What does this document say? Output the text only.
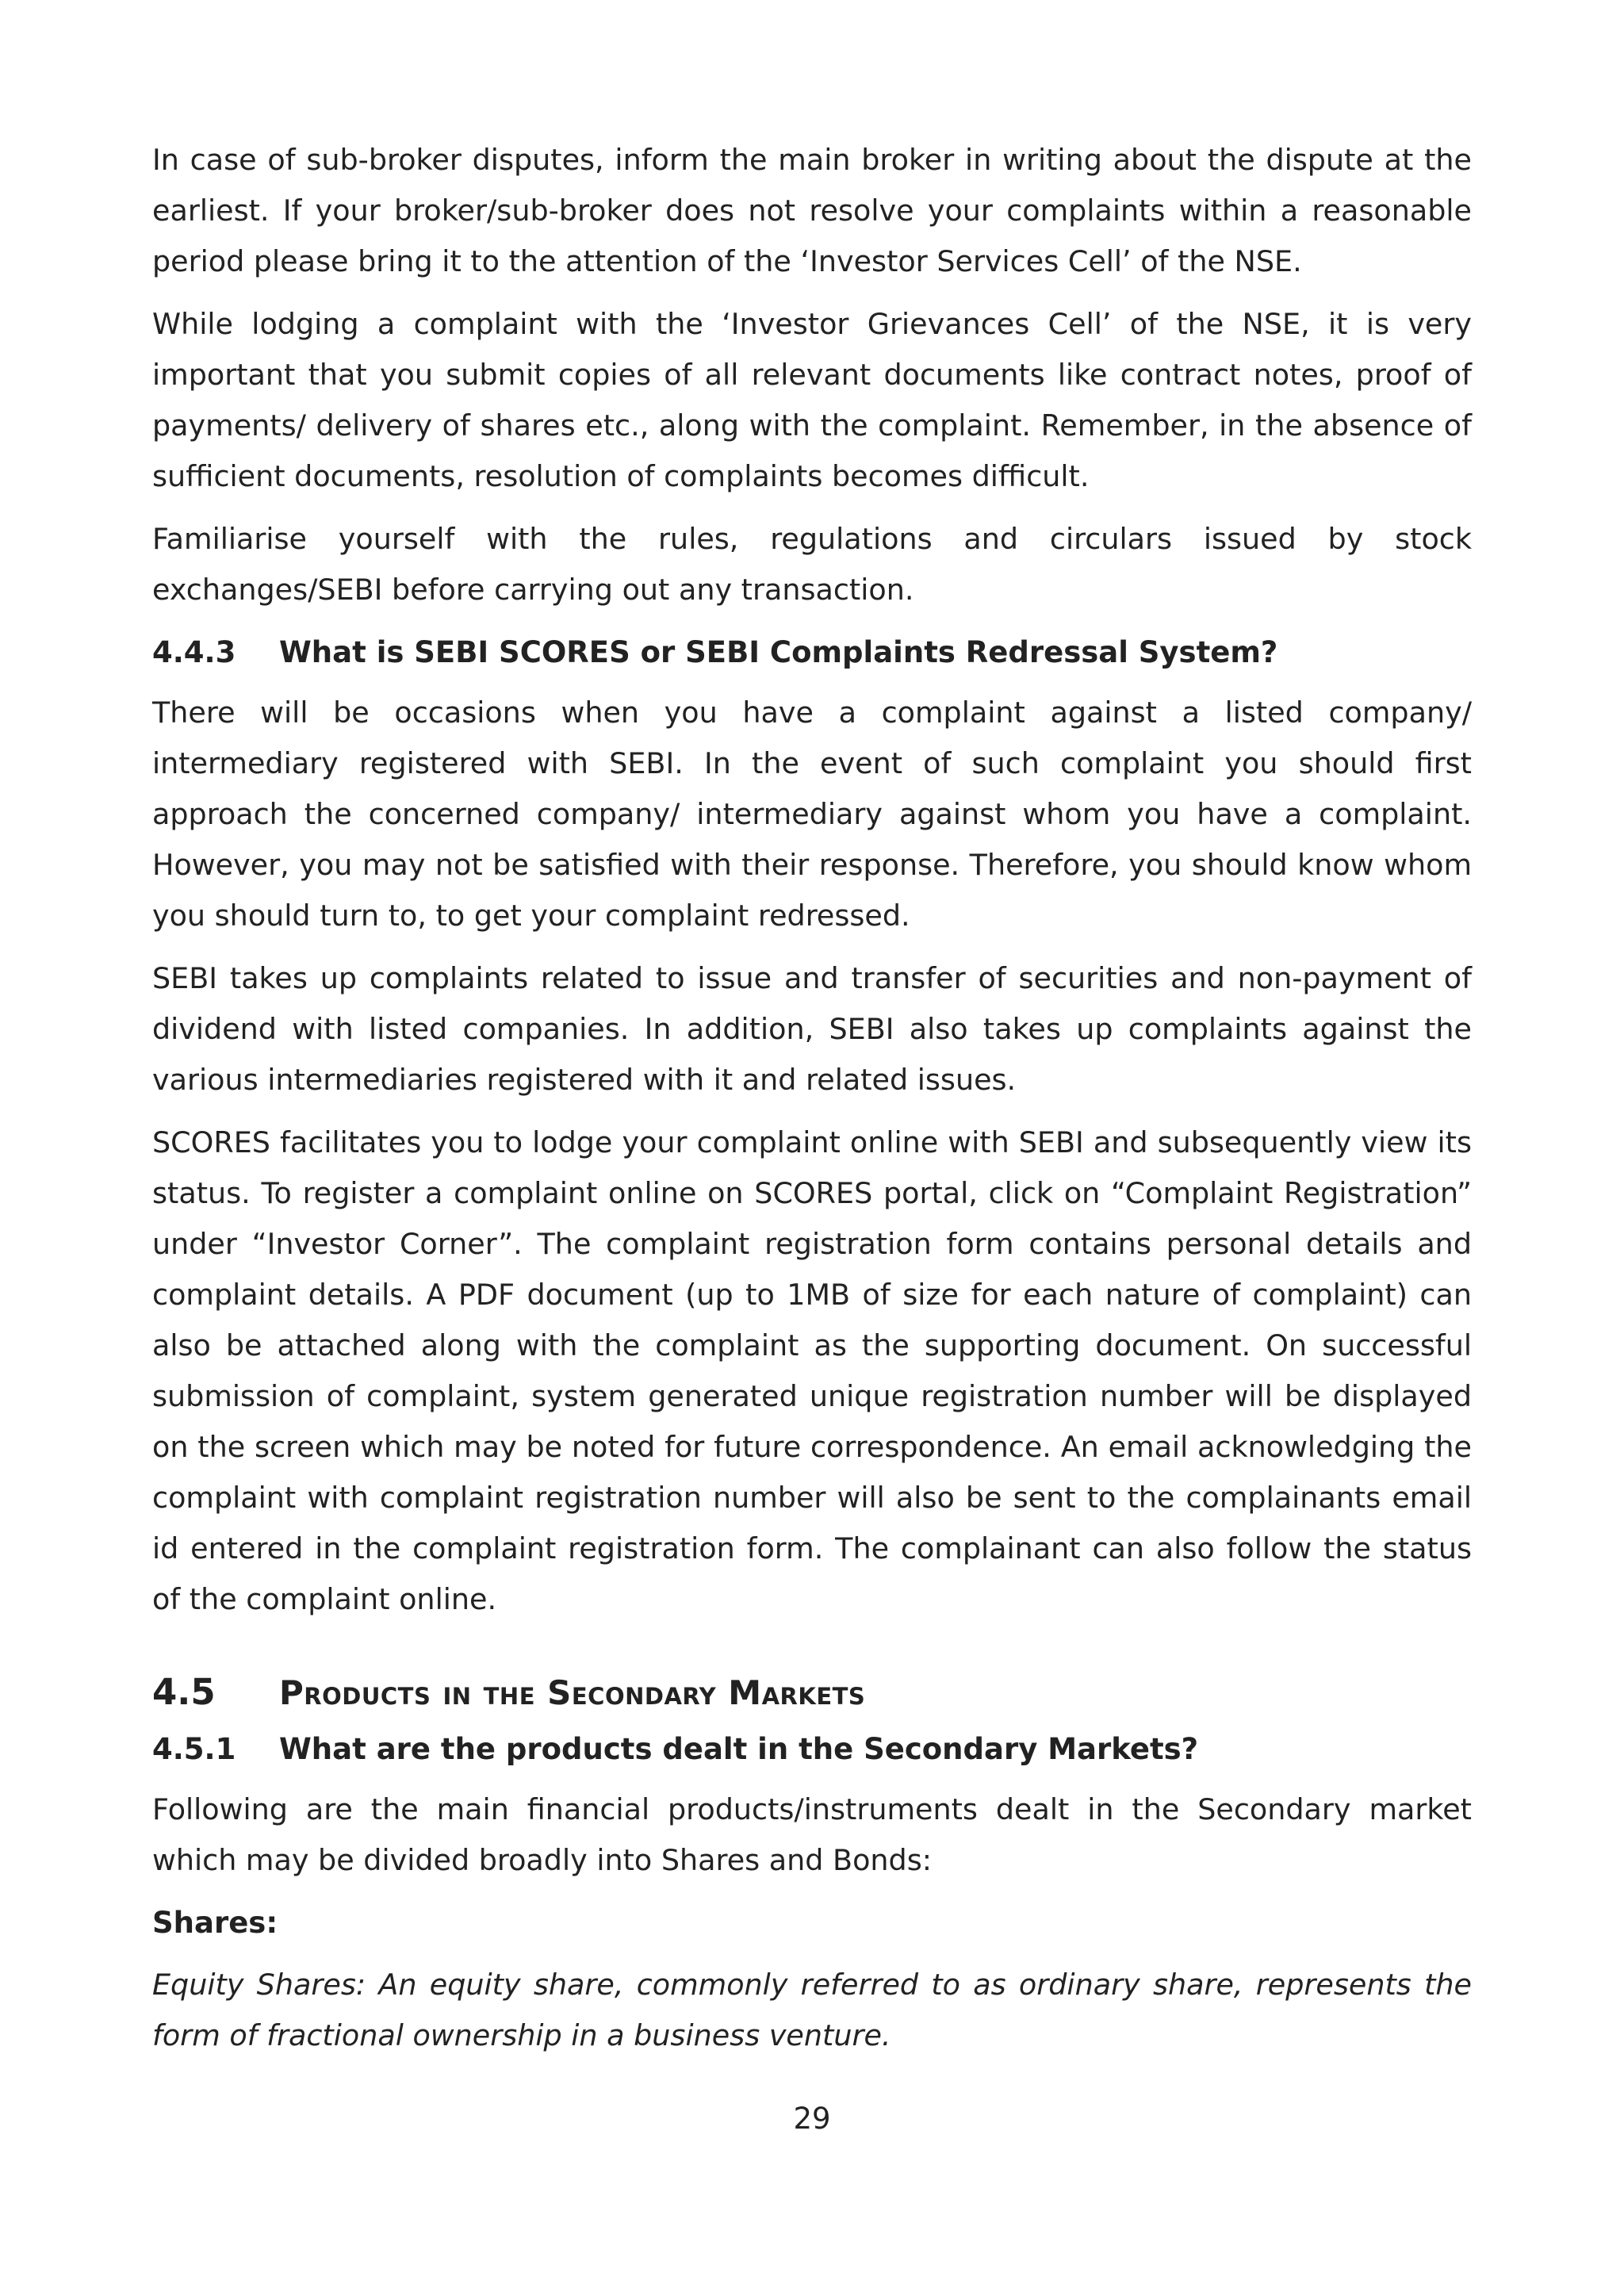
In case of sub-broker disputes, inform the main broker in writing about the dispute at the earliest. If your broker/sub-broker does not resolve your complaints within a reasonable period please bring it to the attention of the ‘Investor Services Cell’ of the NSE.

While lodging a complaint with the ‘Investor Grievances Cell’ of the NSE, it is very important that you submit copies of all relevant documents like contract notes, proof of payments/ delivery of shares etc., along with the complaint. Remember, in the absence of sufficient documents, resolution of complaints becomes difficult.

Familiarise yourself with the rules, regulations and circulars issued by stock exchanges/SEBI before carrying out any transaction.

4.4.3	What is SEBI SCORES or SEBI Complaints Redressal System?

There will be occasions when you have a complaint against a listed company/ intermediary registered with SEBI. In the event of such complaint you should first approach the concerned company/ intermediary against whom you have a complaint. However, you may not be satisfied with their response. Therefore, you should know whom you should turn to, to get your complaint redressed.

SEBI takes up complaints related to issue and transfer of securities and non-payment of dividend with listed companies. In addition, SEBI also takes up complaints against the various intermediaries registered with it and related issues.

SCORES facilitates you to lodge your complaint online with SEBI and subsequently view its status. To register a complaint online on SCORES portal, click on “Complaint Registration” under “Investor Corner”. The complaint registration form contains personal details and complaint details. A PDF document (up to 1MB of size for each nature of complaint) can also be attached along with the complaint as the supporting document. On successful submission of complaint, system generated unique registration number will be displayed on the screen which may be noted for future correspondence. An email acknowledging the complaint with complaint registration number will also be sent to the complainants email id entered in the complaint registration form. The complainant can also follow the status of the complaint online.

4.5	Products in the Secondary Markets
4.5.1	What are the products dealt in the Secondary Markets?

Following are the main financial products/instruments dealt in the Secondary market which may be divided broadly into Shares and Bonds:

Shares:

Equity Shares: An equity share, commonly referred to as ordinary share, represents the form of fractional ownership in a business venture.

29
